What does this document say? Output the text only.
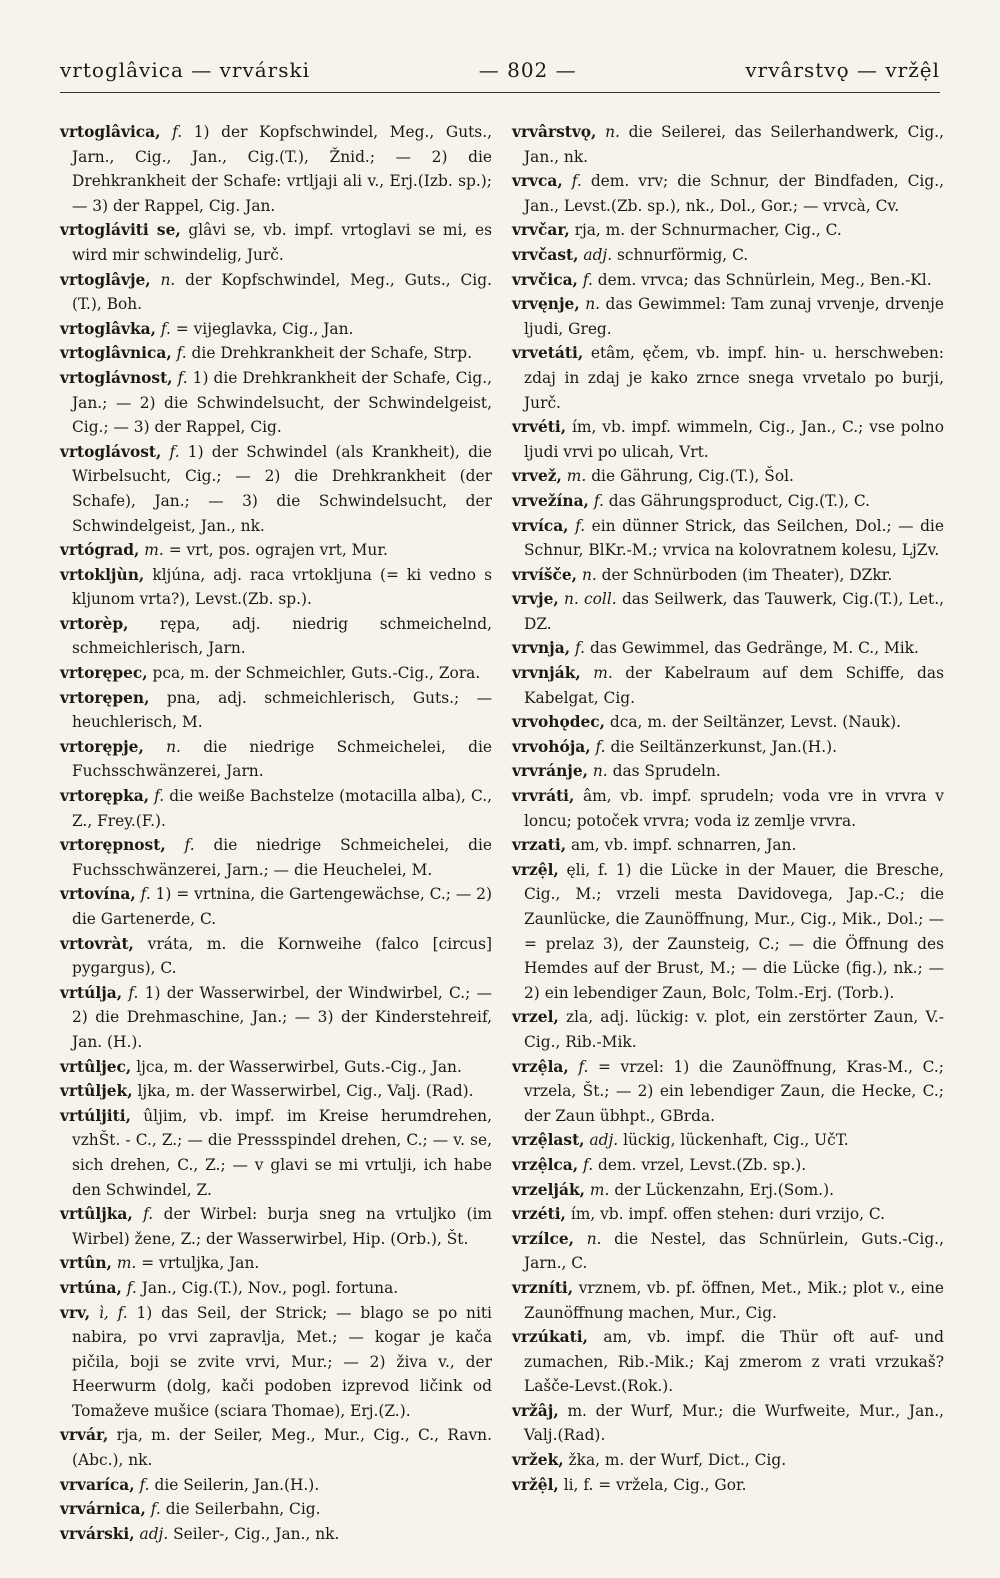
vrtoglâvica — vrvárski	— 802 —	vrvârstvǫ — vržệl

vrtoglâvica, f. 1) der Kopfschwindel, Meg., Guts., Jarn., Cig., Jan., Cig.(T.), Žnid.; — 2) die Drehkrankheit der Schafe: vrtljaji ali v., Erj.(Izb. sp.); — 3) der Rappel, Cig. Jan.

vrtogláviti se, glâvi se, vb. impf. vrtoglavi se mi, es wird mir schwindelig, Jurč.

vrtoglâvje, n. der Kopfschwindel, Meg., Guts., Cig.(T.), Boh.

vrtoglâvka, f. = vijeglavka, Cig., Jan.

vrtoglâvnica, f. die Drehkrankheit der Schafe, Strp.

vrtoglávnost, f. 1) die Drehkrankheit der Schafe, Cig., Jan.; — 2) die Schwindelsucht, der Schwindelgeist, Cig.; — 3) der Rappel, Cig.

vrtoglávost, f. 1) der Schwindel (als Krankheit), die Wirbelsucht, Cig.; — 2) die Drehkrankheit (der Schafe), Jan.; — 3) die Schwindelsucht, der Schwindelgeist, Jan., nk.

vrtógrad, m. = vrt, pos. ograjen vrt, Mur.

vrtokljùn, kljúna, adj. raca vrtokljuna (= ki vedno s kljunom vrta?), Levst.(Zb. sp.).

vrtorèp, rępa, adj. niedrig schmeichelnd, schmeichlerisch, Jarn.

vrtorępec, pca, m. der Schmeichler, Guts.-Cig., Zora.

vrtorępen, pna, adj. schmeichlerisch, Guts.; — heuchlerisch, M.

vrtorępje, n. die niedrige Schmeichelei, die Fuchsschwänzerei, Jarn.

vrtorępka, f. die weiße Bachstelze (motacilla alba), C., Z., Frey.(F.).

vrtorępnost, f. die niedrige Schmeichelei, die Fuchsschwänzerei, Jarn.; — die Heuchelei, M.

vrtovína, f. 1) = vrtnina, die Gartengewächse, C.; — 2) die Gartenerde, C.

vrtovràt, vráta, m. die Kornweihe (falco [circus] pygargus), C.

vrtúlja, f. 1) der Wasserwirbel, der Windwirbel, C.; — 2) die Drehmaschine, Jan.; — 3) der Kinderstehreif, Jan. (H.).

vrtûljec, ljca, m. der Wasserwirbel, Guts.-Cig., Jan.

vrtûljek, ljka, m. der Wasserwirbel, Cig., Valj. (Rad).

vrtúljiti, ûljim, vb. impf. im Kreise herumdrehen, vzhŠt. - C., Z.; — die Pressspindel drehen, C.; — v. se, sich drehen, C., Z.; — v glavi se mi vrtulji, ich habe den Schwindel, Z.

vrtûljka, f. der Wirbel: burja sneg na vrtuljko (im Wirbel) žene, Z.; der Wasserwirbel, Hip. (Orb.), Št.

vrtûn, m. = vrtuljka, Jan.

vrtúna, f. Jan., Cig.(T.), Nov., pogl. fortuna.

vrv, ì, f. 1) das Seil, der Strick; — blago se po niti nabira, po vrvi zapravlja, Met.; — kogar je kača pičila, boji se zvite vrvi, Mur.; — 2) živa v., der Heerwurm (dolg, kači podoben izprevod ličink od Tomaževe mušice (sciara Thomae), Erj.(Z.).

vrvár, rja, m. der Seiler, Meg., Mur., Cig., C., Ravn.(Abc.), nk.

vrvaríca, f. die Seilerin, Jan.(H.).

vrvárnica, f. die Seilerbahn, Cig.

vrvárski, adj. Seiler-, Cig., Jan., nk.

vrvârstvǫ, n. die Seilerei, das Seilerhandwerk, Cig., Jan., nk.

vrvca, f. dem. vrv; die Schnur, der Bindfaden, Cig., Jan., Levst.(Zb. sp.), nk., Dol., Gor.; — vrvcà, Cv.

vrvčar, rja, m. der Schnurmacher, Cig., C.

vrvčast, adj. schnurförmig, C.

vrvčica, f. dem. vrvca; das Schnürlein, Meg., Ben.-Kl.

vrvęnje, n. das Gewimmel: Tam zunaj vrvenje, drvenje ljudi, Greg.

vrvetáti, etâm, ęčem, vb. impf. hin- u. herschweben: zdaj in zdaj je kako zrnce snega vrvetalo po burji, Jurč.

vrvéti, ím, vb. impf. wimmeln, Cig., Jan., C.; vse polno ljudi vrvi po ulicah, Vrt.

vrvež, m. die Gährung, Cig.(T.), Šol.

vrvežína, f. das Gährungsproduct, Cig.(T.), C.

vrvíca, f. ein dünner Strick, das Seilchen, Dol.; — die Schnur, BlKr.-M.; vrvica na kolovratnem kolesu, LjZv.

vrvíšče, n. der Schnürboden (im Theater), DZkr.

vrvje, n. coll. das Seilwerk, das Tauwerk, Cig.(T.), Let., DZ.

vrvnja, f. das Gewimmel, das Gedränge, M. C., Mik.

vrvnják, m. der Kabelraum auf dem Schiffe, das Kabelgat, Cig.

vrvohǫdec, dca, m. der Seiltänzer, Levst. (Nauk).

vrvohója, f. die Seiltänzerkunst, Jan.(H.).

vrvránje, n. das Sprudeln.

vrvráti, âm, vb. impf. sprudeln; voda vre in vrvra v loncu; potoček vrvra; voda iz zemlje vrvra.

vrzati, am, vb. impf. schnarren, Jan.

vrzệl, ęli, f. 1) die Lücke in der Mauer, die Bresche, Cig., M.; vrzeli mesta Davidovega, Jap.-C.; die Zaunlücke, die Zaunöffnung, Mur., Cig., Mik., Dol.; — = prelaz 3), der Zaunsteig, C.; — die Öffnung des Hemdes auf der Brust, M.; — die Lücke (fig.), nk.; — 2) ein lebendiger Zaun, Bolc, Tolm.-Erj. (Torb.).

vrzel, zla, adj. lückig: v. plot, ein zerstörter Zaun, V.-Cig., Rib.-Mik.

vrzệla, f. = vrzel: 1) die Zaunöffnung, Kras-M., C.; vrzela, Št.; — 2) ein lebendiger Zaun, die Hecke, C.; der Zaun übhpt., GBrda.

vrzệlast, adj. lückig, lückenhaft, Cig., UčT.

vrzệlca, f. dem. vrzel, Levst.(Zb. sp.).

vrzelják, m. der Lückenzahn, Erj.(Som.).

vrzéti, ím, vb. impf. offen stehen: duri vrzijo, C.

vrzílce, n. die Nestel, das Schnürlein, Guts.-Cig., Jarn., C.

vrzníti, vrznem, vb. pf. öffnen, Met., Mik.; plot v., eine Zaunöffnung machen, Mur., Cig.

vrzúkati, am, vb. impf. die Thür oft auf- und zumachen, Rib.-Mik.; Kaj zmerom z vrati vrzukaš? Lašče-Levst.(Rok.).

vržâj, m. der Wurf, Mur.; die Wurfweite, Mur., Jan., Valj.(Rad).

vržek, žka, m. der Wurf, Dict., Cig.

vržệl, li, f. = vržela, Cig., Gor.
